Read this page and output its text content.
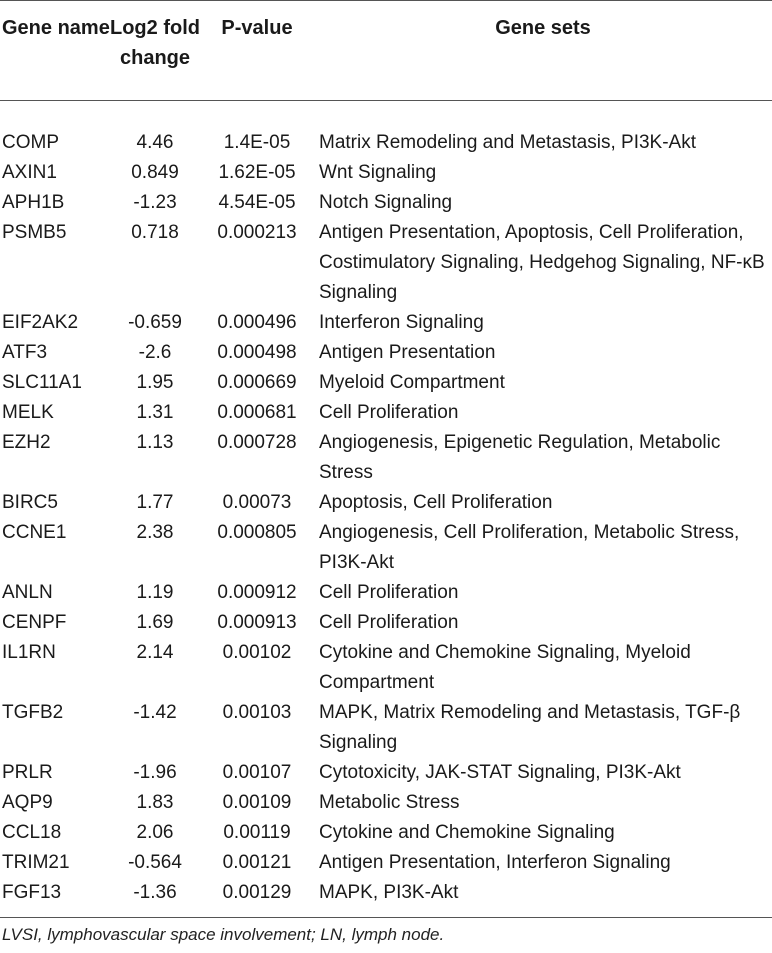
Gene name	Log2 fold change	P-value	Gene sets
COMP	4.46	1.4E-05	Matrix Remodeling and Metastasis, PI3K-Akt
AXIN1	0.849	1.62E-05	Wnt Signaling
APH1B	-1.23	4.54E-05	Notch Signaling
PSMB5	0.718	0.000213	Antigen Presentation, Apoptosis, Cell Proliferation, Costimulatory Signaling, Hedgehog Signaling, NF-κB Signaling
EIF2AK2	-0.659	0.000496	Interferon Signaling
ATF3	-2.6	0.000498	Antigen Presentation
SLC11A1	1.95	0.000669	Myeloid Compartment
MELK	1.31	0.000681	Cell Proliferation
EZH2	1.13	0.000728	Angiogenesis, Epigenetic Regulation, Metabolic Stress
BIRC5	1.77	0.00073	Apoptosis, Cell Proliferation
CCNE1	2.38	0.000805	Angiogenesis, Cell Proliferation, Metabolic Stress, PI3K-Akt
ANLN	1.19	0.000912	Cell Proliferation
CENPF	1.69	0.000913	Cell Proliferation
IL1RN	2.14	0.00102	Cytokine and Chemokine Signaling, Myeloid Compartment
TGFB2	-1.42	0.00103	MAPK, Matrix Remodeling and Metastasis, TGF-β Signaling
PRLR	-1.96	0.00107	Cytotoxicity, JAK-STAT Signaling, PI3K-Akt
AQP9	1.83	0.00109	Metabolic Stress
CCL18	2.06	0.00119	Cytokine and Chemokine Signaling
TRIM21	-0.564	0.00121	Antigen Presentation, Interferon Signaling
FGF13	-1.36	0.00129	MAPK, PI3K-Akt
LVSI, lymphovascular space involvement; LN, lymph node.
